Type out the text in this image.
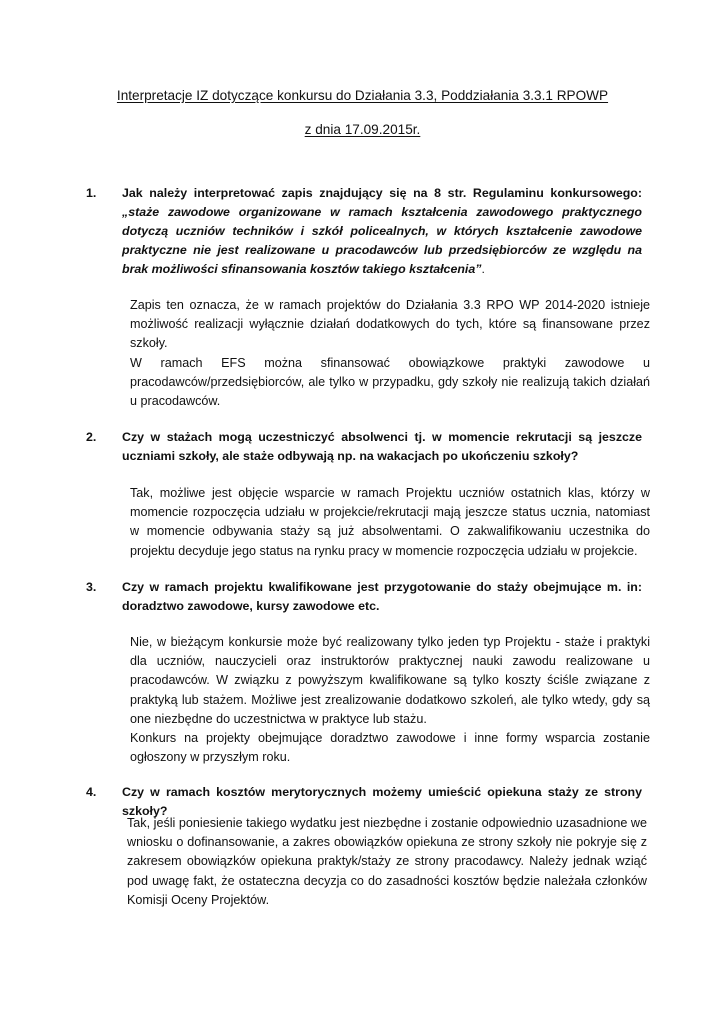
Interpretacje IZ dotyczące konkursu do Działania 3.3, Poddziałania 3.3.1 RPOWP
z dnia 17.09.2015r.
1.	Jak należy interpretować zapis znajdujący się na 8 str. Regulaminu konkursowego: „staże zawodowe organizowane w ramach kształcenia zawodowego praktycznego dotyczą uczniów techników i szkół policealnych, w których kształcenie zawodowe praktyczne nie jest realizowane u pracodawców lub przedsiębiorców ze względu na brak możliwości sfinansowania kosztów takiego kształcenia”.

Zapis ten oznacza, że w ramach projektów do Działania 3.3 RPO WP 2014-2020 istnieje możliwość realizacji wyłącznie działań dodatkowych do tych, które są finansowane przez szkoły.

W ramach EFS można sfinansować obowiązkowe praktyki zawodowe u pracodawców/przedsiębiorców, ale tylko w przypadku, gdy szkoły nie realizują takich działań u pracodawców.

2.	Czy w stażach mogą uczestniczyć absolwenci tj. w momencie rekrutacji są jeszcze uczniami szkoły, ale staże odbywają np. na wakacjach po ukończeniu szkoły?

Tak, możliwe jest objęcie wsparcie w ramach Projektu uczniów ostatnich klas, którzy w momencie rozpoczęcia udziału w projekcie/rekrutacji mają jeszcze status ucznia, natomiast w momencie odbywania staży są już absolwentami. O zakwalifikowaniu uczestnika do projektu decyduje jego status na rynku pracy w momencie rozpoczęcia udziału w projekcie.

3.	Czy w ramach projektu kwalifikowane jest przygotowanie do staży obejmujące m. in: doradztwo zawodowe, kursy zawodowe etc.

Nie, w bieżącym konkursie może być realizowany tylko jeden typ Projektu - staże i praktyki dla uczniów, nauczycieli oraz instruktorów praktycznej nauki zawodu realizowane u pracodawców. W związku z powyższym kwalifikowane są tylko koszty ściśle związane z praktyką lub stażem. Możliwe jest zrealizowanie dodatkowo szkoleń, ale tylko wtedy, gdy są one niezbędne do uczestnictwa w praktyce lub stażu.

Konkurs na projekty obejmujące doradztwo zawodowe i inne formy wsparcia zostanie ogłoszony w przyszłym roku.

4.	Czy w ramach kosztów merytorycznych możemy umieścić opiekuna staży ze strony szkoły?

Tak, jeśli poniesienie takiego wydatku jest niezbędne i zostanie odpowiednio uzasadnione we wniosku o dofinansowanie, a zakres obowiązków opiekuna ze strony szkoły nie pokryje się z zakresem obowiązków opiekuna praktyk/staży ze strony pracodawcy. Należy jednak wziąć pod uwagę fakt, że ostateczna decyzja co do zasadności kosztów będzie należała członków Komisji Oceny Projektów.
